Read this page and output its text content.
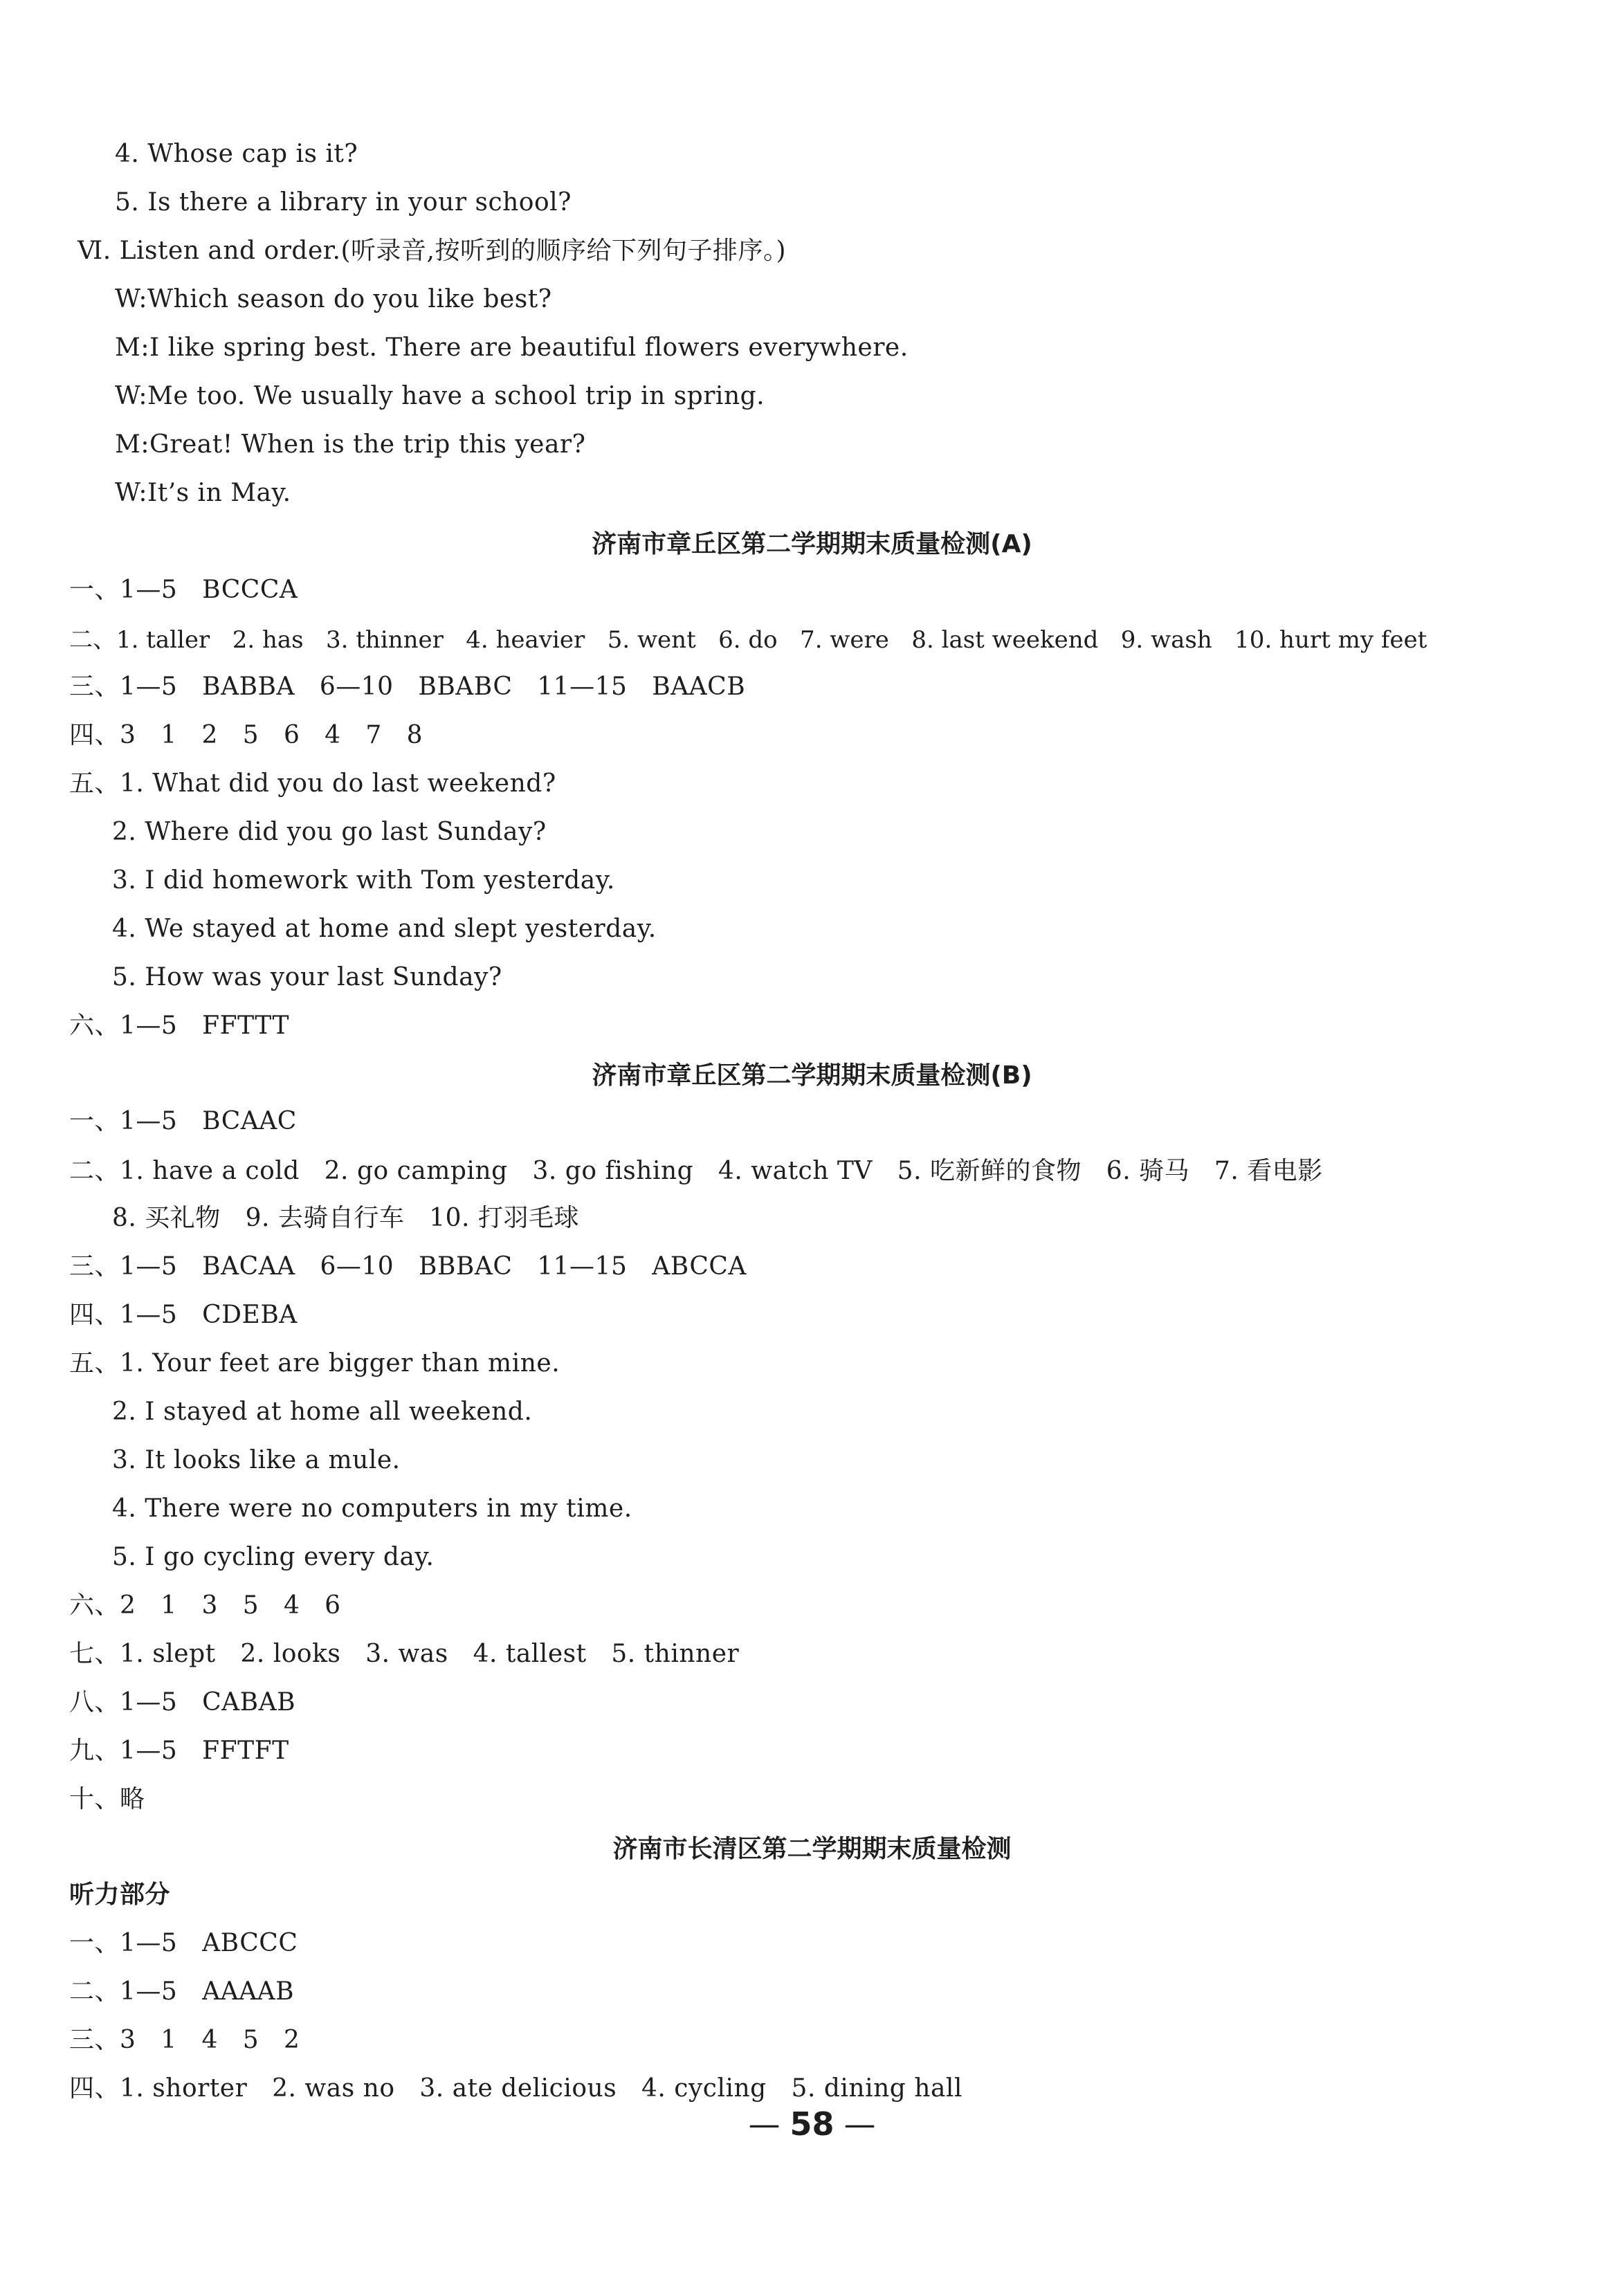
4. Whose cap is it?
5. Is there a library in your school?
Ⅵ. Listen and order.(听录音,按听到的顺序给下列句子排序。)
W:Which season do you like best?
M:I like spring best. There are beautiful flowers everywhere.
W:Me too. We usually have a school trip in spring.
M:Great! When is the trip this year?
W:It’s in May.
济南市章丘区第二学期期末质量检测(A)
一、1—5   BCCCA
二、1. taller   2. has   3. thinner   4. heavier   5. went   6. do   7. were   8. last weekend   9. wash   10. hurt my feet
三、1—5   BABBA   6—10   BBABC   11—15   BAACB
四、3   1   2   5   6   4   7   8
五、1. What did you do last weekend?
2. Where did you go last Sunday?
3. I did homework with Tom yesterday.
4. We stayed at home and slept yesterday.
5. How was your last Sunday?
六、1—5   FFTTT
济南市章丘区第二学期期末质量检测(B)
一、1—5   BCAAC
二、1. have a cold   2. go camping   3. go fishing   4. watch TV   5. 吃新鲜的食物   6. 骑马   7. 看电影
8. 买礼物   9. 去骑自行车   10. 打羽毛球
三、1—5   BACAA   6—10   BBBAC   11—15   ABCCA
四、1—5   CDEBA
五、1. Your feet are bigger than mine.
2. I stayed at home all weekend.
3. It looks like a mule.
4. There were no computers in my time.
5. I go cycling every day.
六、2   1   3   5   4   6
七、1. slept   2. looks   3. was   4. tallest   5. thinner
八、1—5   CABAB
九、1—5   FFTFT
十、略
济南市长清区第二学期期末质量检测
听力部分
一、1—5   ABCCC
二、1—5   AAAAB
三、3   1   4   5   2
四、1. shorter   2. was no   3. ate delicious   4. cycling   5. dining hall
— 58 —
